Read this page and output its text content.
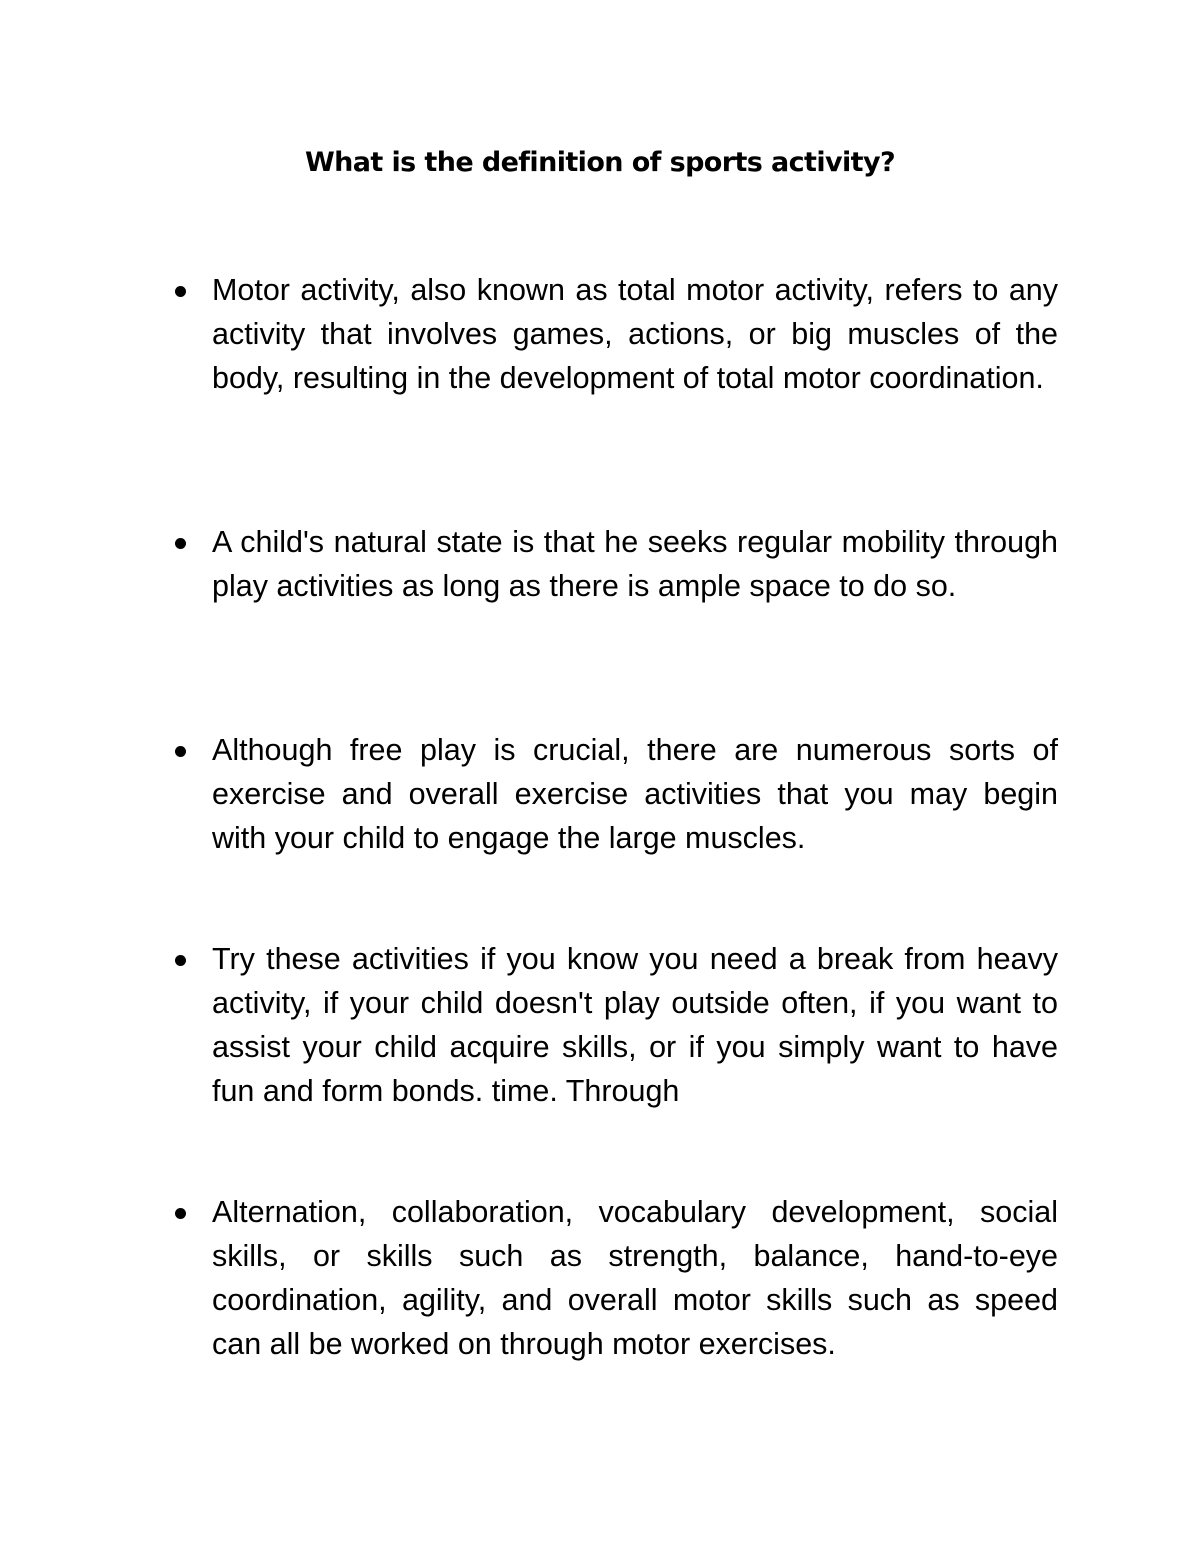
What is the definition of sports activity?

Motor activity, also known as total motor activity, refers to any activity that involves games, actions, or big muscles of the body, resulting in the development of total motor coordination.

A child's natural state is that he seeks regular mobility through play activities as long as there is ample space to do so.

Although free play is crucial, there are numerous sorts of exercise and overall exercise activities that you may begin with your child to engage the large muscles.

Try these activities if you know you need a break from heavy activity, if your child doesn't play outside often, if you want to assist your child acquire skills, or if you simply want to have fun and form bonds. time. Through

Alternation, collaboration, vocabulary development, social skills, or skills such as strength, balance, hand-to-eye coordination, agility, and overall motor skills such as speed can all be worked on through motor exercises.
